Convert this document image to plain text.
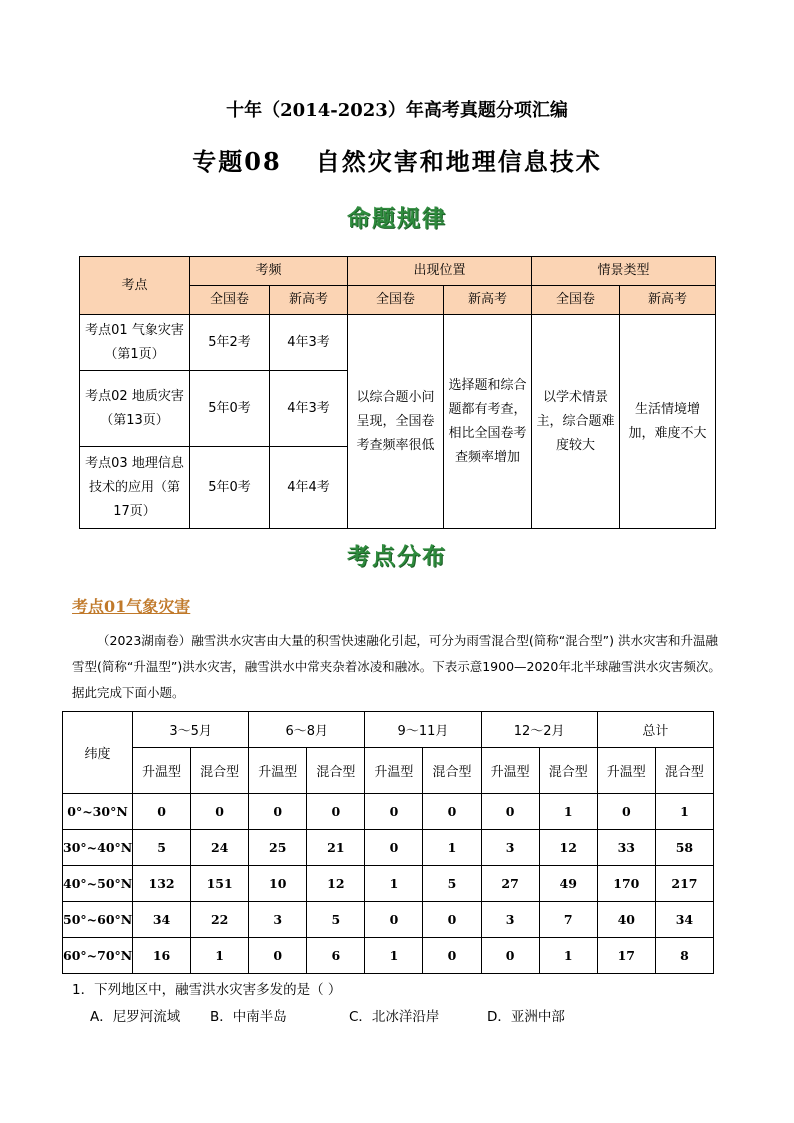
十年（2014-2023）年高考真题分项汇编
专题08 自然灾害和地理信息技术
命题规律
考点	考频		出现位置		情景类型	
	全国卷	新高考	全国卷	新高考	全国卷	新高考
考点01 气象灾害（第1页）	5年2考	4年3考	以综合题小问呈现，全国卷考查频率很低	选择题和综合题都有考查，相比全国卷考查频率增加	以学术情景主，综合题难度较大	生活情境增加，难度不大
考点02 地质灾害（第13页）	5年0考	4年3考				
考点03 地理信息技术的应用（第17页）	5年0考	4年4考				
考点分布
考点01气象灾害
（2023湖南卷）融雪洪水灾害由大量的积雪快速融化引起，可分为雨雪混合型(简称“混合型”) 洪水灾害和升温融雪型(简称“升温型”)洪水灾害，融雪洪水中常夹杂着冰凌和融冰。下表示意1900—2020年北半球融雪洪水灾害频次。据此完成下面小题。
纬度	3～5月		6～8月		9～11月		12～2月		总计	
	升温型	混合型	升温型	混合型	升温型	混合型	升温型	混合型	升温型	混合型
0°~30°N	0	0	0	0	0	0	0	1	0	1
30°~40°N	5	24	25	21	0	1	3	12	33	58
40°~50°N	132	151	10	12	1	5	27	49	170	217
50°~60°N	34	22	3	5	0	0	3	7	40	34
60°~70°N	16	1	0	6	1	0	0	1	17	8
1．下列地区中，融雪洪水灾害多发的是（ ）
A．尼罗河流域 B．中南半岛	C．北冰洋沿岸	D．亚洲中部
